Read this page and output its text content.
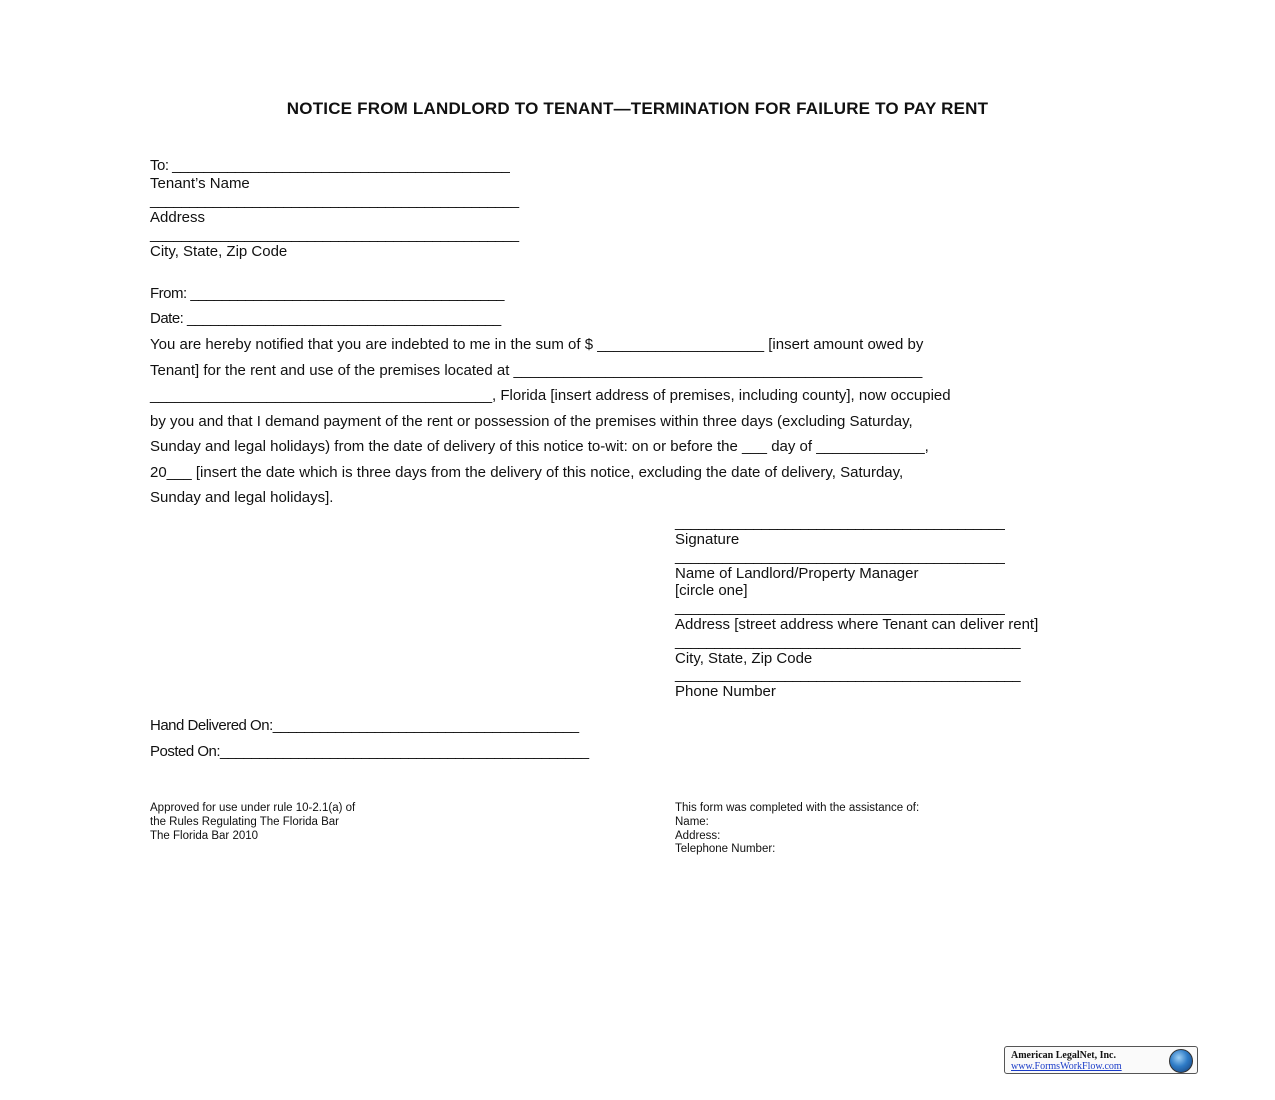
NOTICE FROM LANDLORD TO TENANT—TERMINATION FOR FAILURE TO PAY RENT
To: ___________________________________________
Tenant’s Name
_______________________________________________
Address
_______________________________________________
City, State, Zip Code
From: ________________________________________
Date: ________________________________________

You are hereby notified that you are indebted to me in the sum of $ ____________________ [insert amount owed by

Tenant] for the rent and use of the premises located at _________________________________________________

_________________________________________, Florida [insert address of premises, including county], now occupied

by you and that I demand payment of the rent or possession of the premises within three days (excluding Saturday,

Sunday and legal holidays) from the date of delivery of this notice to-wit: on or before the ___ day of _____________,

20___ [insert the date which is three days from the delivery of this notice, excluding the date of delivery, Saturday,

Sunday and legal holidays].

__________________________________________
Signature
__________________________________________
Name of Landlord/Property Manager
[circle one]
__________________________________________
Address [street address where Tenant can deliver rent]
____________________________________________
City, State, Zip Code
____________________________________________
Phone Number
Hand Delivered On:_______________________________________
Posted On:_______________________________________________
Approved for use under rule 10-2.1(a) of
the Rules Regulating The Florida Bar
The Florida Bar 2010
This form was completed with the assistance of:
Name:
Address:
Telephone Number:
American LegalNet, Inc.
www.FormsWorkFlow.com
